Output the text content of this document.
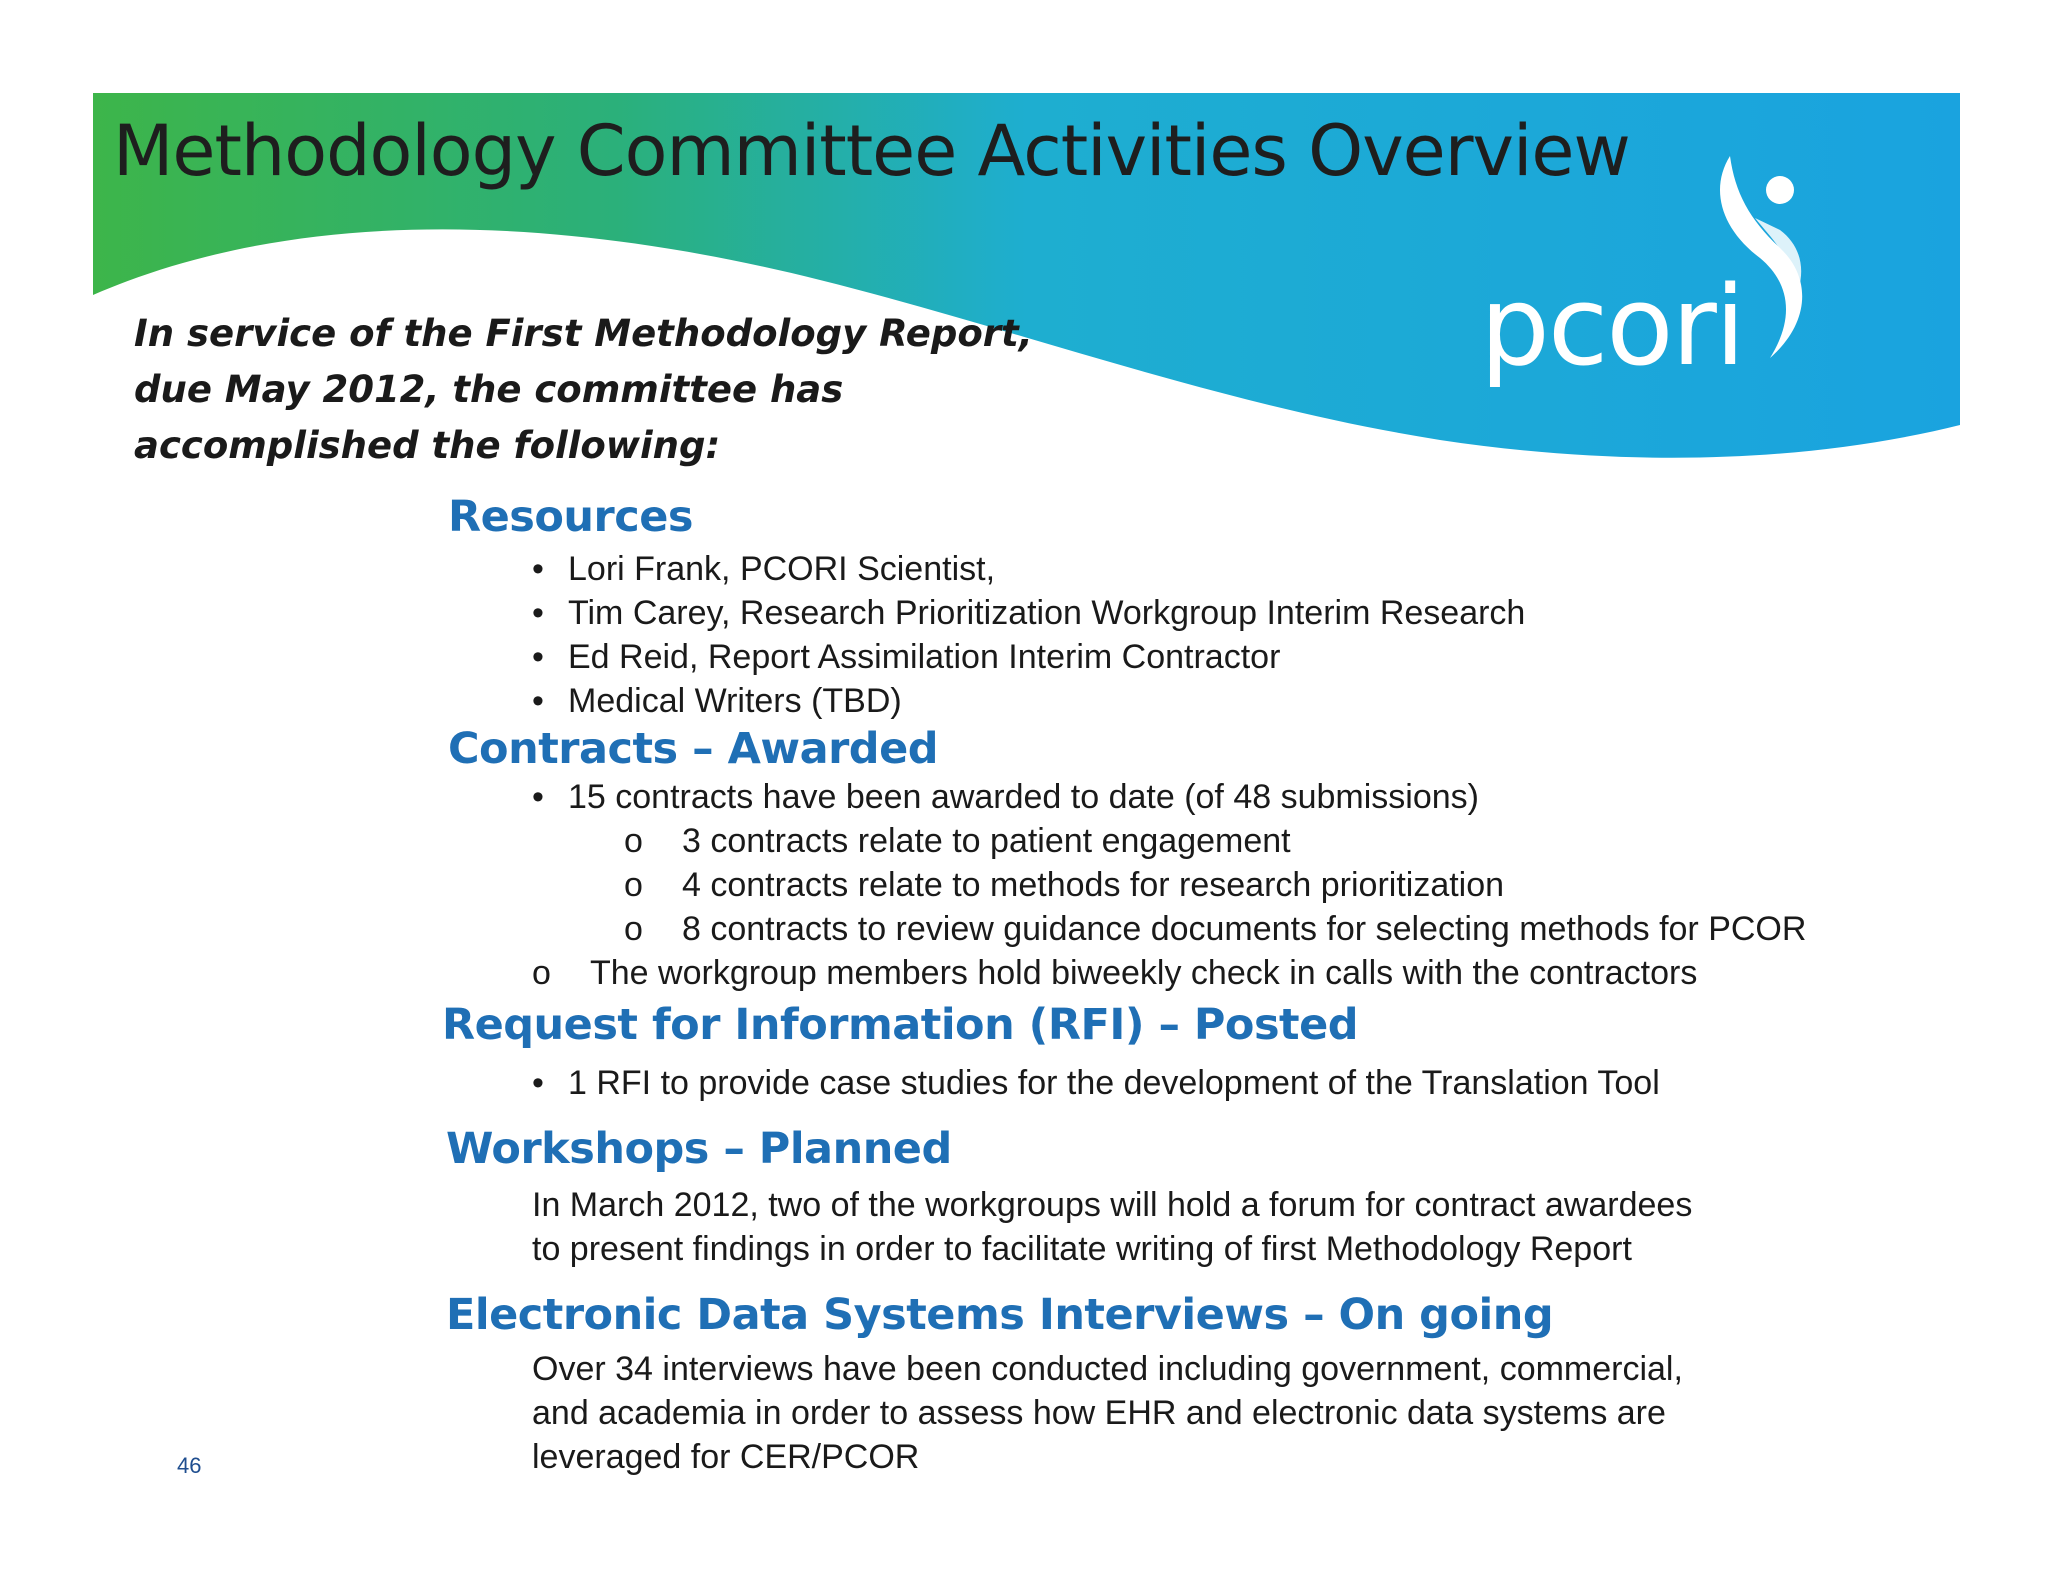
Methodology Committee Activities Overview
pcori
In service of the First Methodology Report,
due May 2012, the committee has
accomplished the following:
Resources
• Lori Frank, PCORI Scientist,
• Tim Carey, Research Prioritization Workgroup Interim Research
• Ed Reid, Report Assimilation Interim Contractor
• Medical Writers (TBD)
Contracts – Awarded
• 15 contracts have been awarded to date (of 48 submissions)
o 3 contracts relate to patient engagement
o 4 contracts relate to methods for research prioritization
o 8 contracts to review guidance documents for selecting methods for PCOR
o The workgroup members hold biweekly check in calls with the contractors
Request for Information (RFI) – Posted
• 1 RFI to provide case studies for the development of the Translation Tool
Workshops – Planned
In March 2012, two of the workgroups will hold a forum for contract awardees
to present findings in order to facilitate writing of first Methodology Report
Electronic Data Systems Interviews – On going
Over 34 interviews have been conducted including government, commercial,
and academia in order to assess how EHR and electronic data systems are
leveraged for CER/PCOR
46
